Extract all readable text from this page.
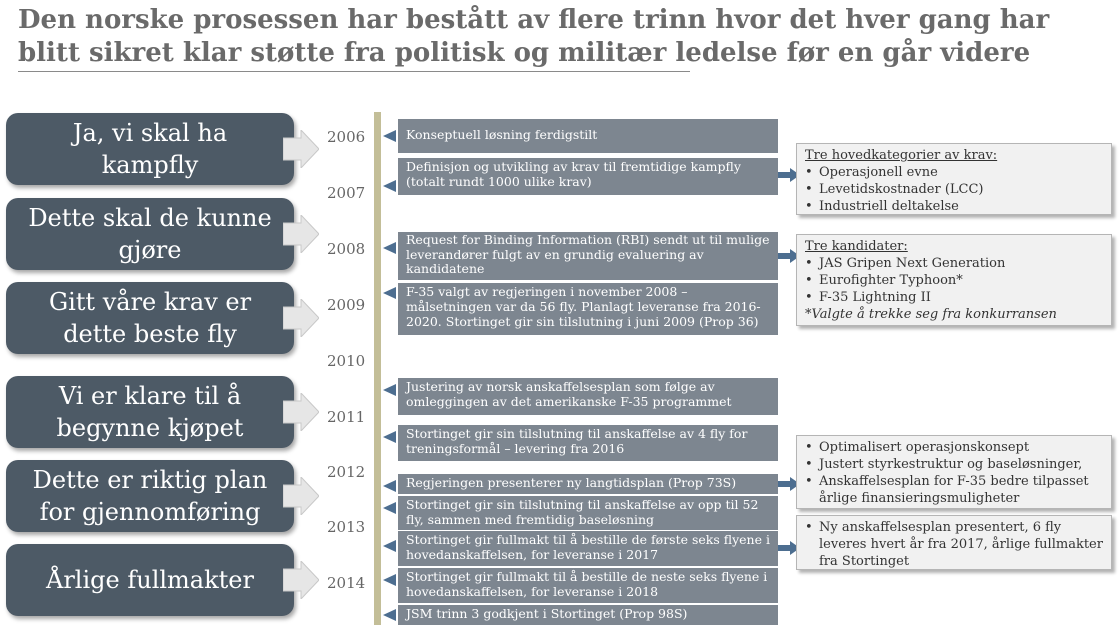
Den norske prosessen har bestått av flere trinn hvor det hver gang har blitt sikret klar støtte fra politisk og militær ledelse før en går videre
Ja, vi skal ha
kampfly
Dette skal de kunne
gjøre
Gitt våre krav er
dette beste fly
Vi er klare til å
begynne kjøpet
Dette er riktig plan
for gjennomføring
Årlige fullmakter
2006
2007
2008
2009
2010
2011
2012
2013
2014
Konseptuell løsning ferdigstilt
Definisjon og utvikling av krav til fremtidige kampfly (totalt rundt 1000 ulike krav)
Request for Binding Information (RBI) sendt ut til mulige leverandører fulgt av en grundig evaluering av kandidatene
F-35 valgt av regjeringen i november 2008 – målsetningen var da 56 fly. Planlagt leveranse fra 2016-2020. Stortinget gir sin tilslutning i juni 2009 (Prop 36)
Justering av norsk anskaffelsesplan som følge av omleggingen av det amerikanske F-35 programmet
Stortinget gir sin tilslutning til anskaffelse av 4 fly for treningsformål – levering fra 2016
Regjeringen presenterer ny langtidsplan (Prop 73S)
Stortinget gir sin tilslutning til anskaffelse av opp til 52 fly, sammen med fremtidig baseløsning
Stortinget gir fullmakt til å bestille de første seks flyene i hovedanskaffelsen, for leveranse i 2017
Stortinget gir fullmakt til å bestille de neste seks flyene i hovedanskaffelsen, for leveranse i 2018
JSM trinn 3 godkjent i Stortinget (Prop 98S)
Tre hovedkategorier av krav:
• Operasjonell evne
• Levetidskostnader (LCC)
• Industriell deltakelse
Tre kandidater:
• JAS Gripen Next Generation
• Eurofighter Typhoon*
• F-35 Lightning II
*Valgte å trekke seg fra konkurransen
• Optimalisert operasjonskonsept
• Justert styrkestruktur og baseløsninger,
• Anskaffelsesplan for F-35 bedre tilpasset årlige finansieringsmuligheter
• Ny anskaffelsesplan presentert, 6 fly leveres hvert år fra 2017, årlige fullmakter fra Stortinget
